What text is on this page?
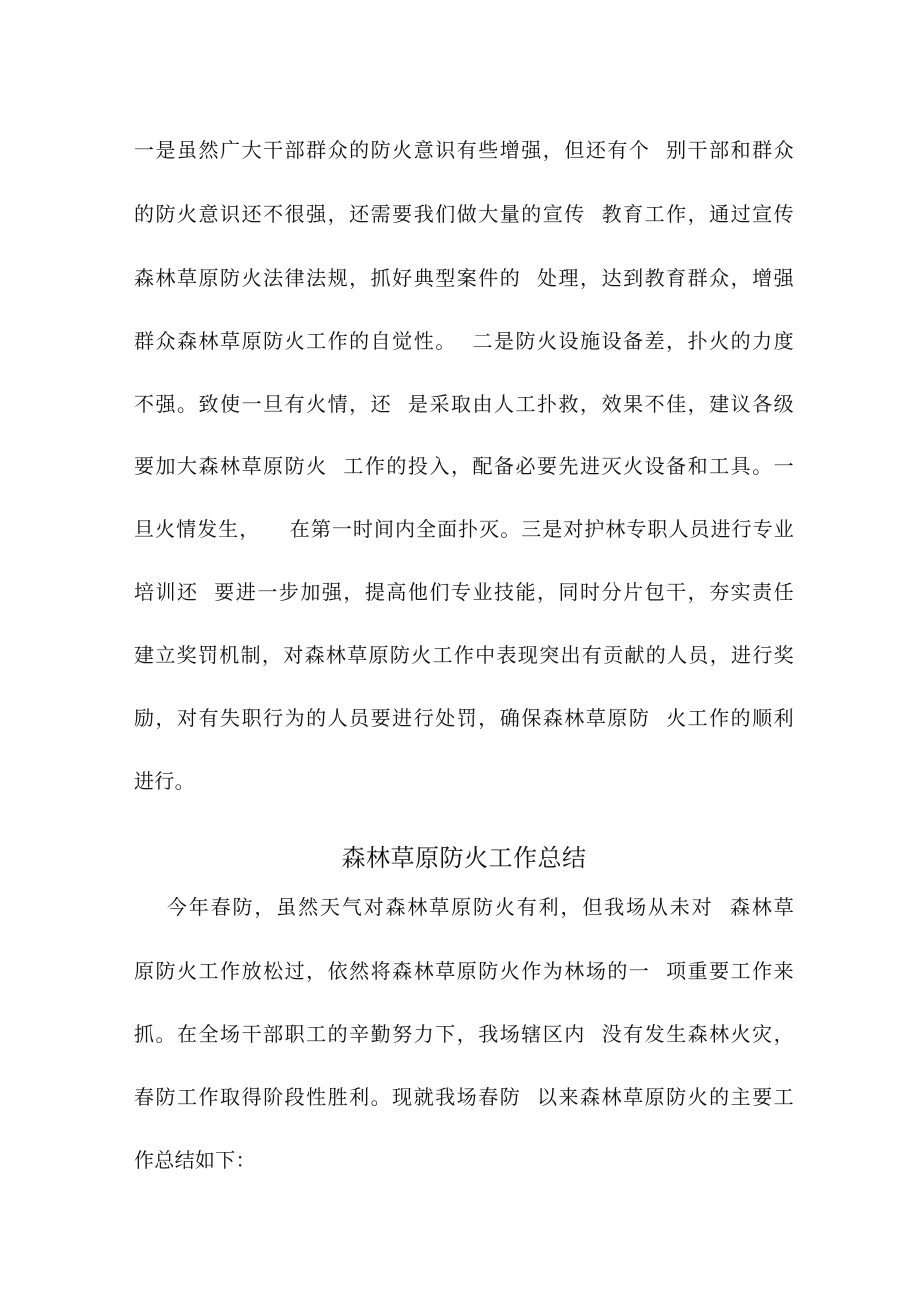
一是虽然广大干部群众的防火意识有些增强，但还有个  别干部和群众
的防火意识还不很强，还需要我们做大量的宣传  教育工作，通过宣传
森林草原防火法律法规，抓好典型案件的  处理，达到教育群众，增强
群众森林草原防火工作的自觉性。  二是防火设施设备差，扑火的力度
不强。致使一旦有火情，还  是采取由人工扑救，效果不佳，建议各级
要加大森林草原防火  工作的投入，配备必要先进灭火设备和工具。一
旦火情发生，    在第一时间内全面扑灭。三是对护林专职人员进行专业
培训还  要进一步加强，提高他们专业技能，同时分片包干，夯实责任
建立奖罚机制，对森林草原防火工作中表现突出有贡献的人员，进行奖
励，对有失职行为的人员要进行处罚，确保森林草原防  火工作的顺利
进行。
森林草原防火工作总结
今年春防，虽然天气对森林草原防火有利，但我场从未对  森林草
原防火工作放松过，依然将森林草原防火作为林场的一  项重要工作来
抓。在全场干部职工的辛勤努力下，我场辖区内  没有发生森林火灾，
春防工作取得阶段性胜利。现就我场春防  以来森林草原防火的主要工
作总结如下：
